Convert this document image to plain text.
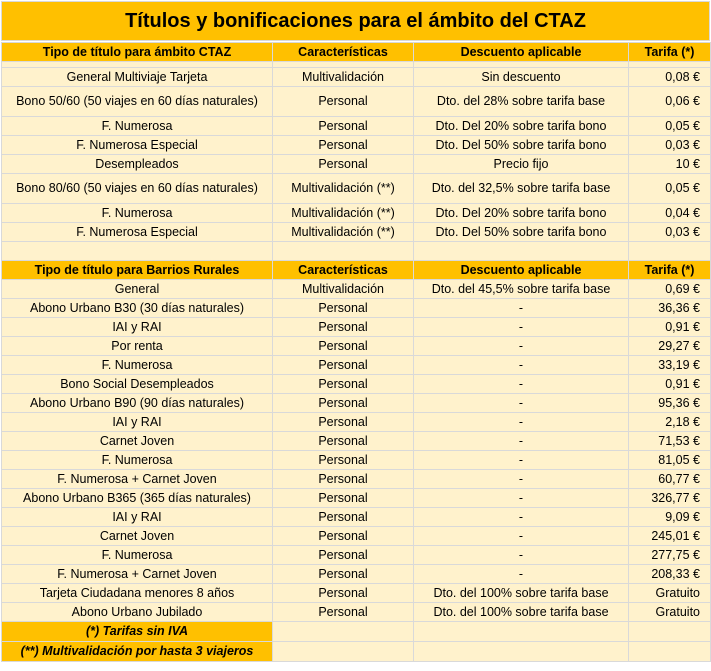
Títulos y bonificaciones para el ámbito del CTAZ
Tipo de título para ámbito CTAZ	Características	Descuento aplicable	Tarifa (*)

General Multiviaje Tarjeta	Multivalidación	Sin descuento	0,08 €
Bono 50/60 (50 viajes en 60 días naturales)	Personal	Dto. del 28% sobre tarifa base	0,06 €
F. Numerosa	Personal	Dto. Del 20% sobre tarifa bono	0,05 €
F. Numerosa Especial	Personal	Dto. Del 50% sobre tarifa bono	0,03 €
Desempleados	Personal	Precio fijo	10 €
Bono 80/60 (50 viajes en 60 días naturales)	Multivalidación (**)	Dto. del 32,5% sobre tarifa base	0,05 €
F. Numerosa	Multivalidación (**)	Dto. Del 20% sobre tarifa bono	0,04 €
F. Numerosa Especial	Multivalidación (**)	Dto. Del 50% sobre tarifa bono	0,03 €

Tipo de título para Barrios Rurales	Características	Descuento aplicable	Tarifa (*)
General	Multivalidación	Dto. del 45,5% sobre tarifa base	0,69 €
Abono Urbano B30 (30 días naturales)	Personal	-	36,36 €
IAI y RAI	Personal	-	0,91 €
Por renta	Personal	-	29,27 €
F. Numerosa	Personal	-	33,19 €
Bono Social Desempleados	Personal	-	0,91 €
Abono Urbano B90 (90 días naturales)	Personal	-	95,36 €
IAI y RAI	Personal	-	2,18 €
Carnet Joven	Personal	-	71,53 €
F. Numerosa	Personal	-	81,05 €
F. Numerosa + Carnet Joven	Personal	-	60,77 €
Abono Urbano B365 (365 días naturales)	Personal	-	326,77 €
IAI y RAI	Personal	-	9,09 €
Carnet Joven	Personal	-	245,01 €
F. Numerosa	Personal	-	277,75 €
F. Numerosa + Carnet Joven	Personal	-	208,33 €
Tarjeta Ciudadana menores 8 años	Personal	Dto. del 100% sobre tarifa base	Gratuito
Abono Urbano Jubilado	Personal	Dto. del 100% sobre tarifa base	Gratuito
(*) Tarifas sin IVA			
(**) Multivalidación por hasta 3 viajeros			
